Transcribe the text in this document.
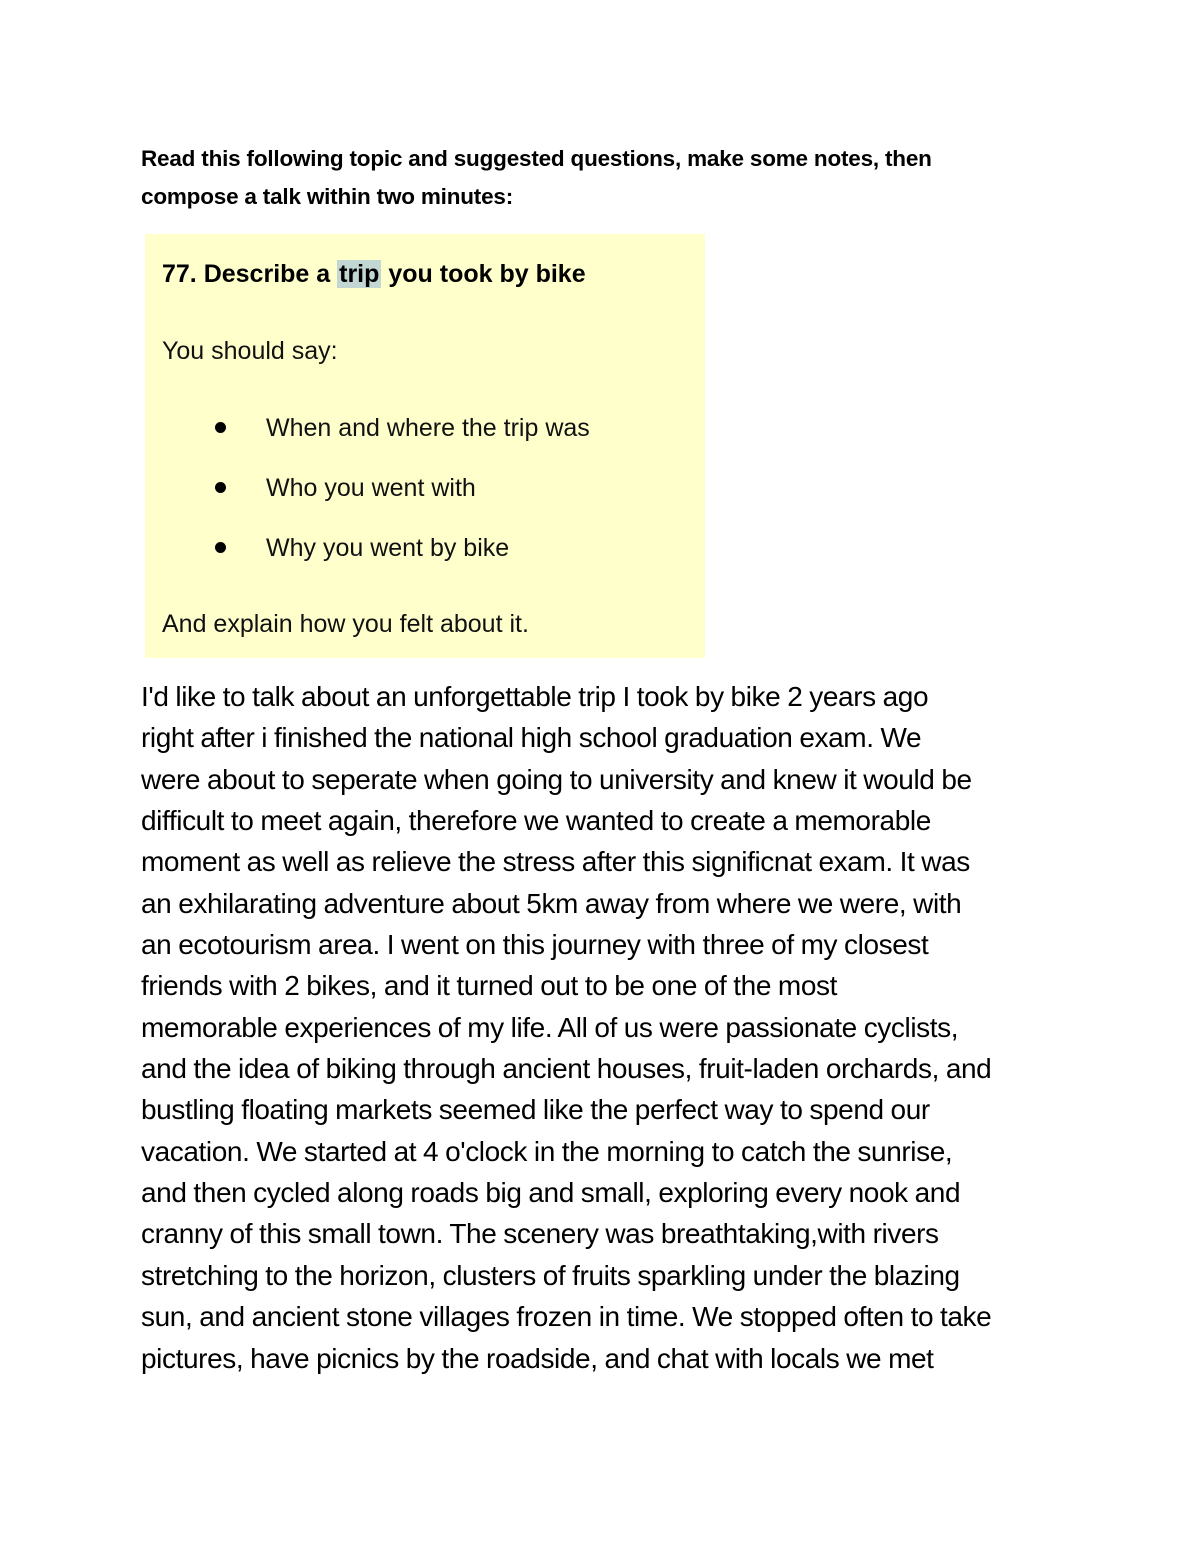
Read this following topic and suggested questions, make some notes, then
compose a talk within two minutes:
77. Describe a trip you took by bike
You should say:
When and where the trip was
Who you went with
Why you went by bike
And explain how you felt about it.
I'd like to talk about an unforgettable trip I took by bike 2 years ago
right after i finished the national high school graduation exam. We
were about to seperate when going to university and knew it would be
difficult to meet again, therefore we wanted to create a memorable
moment as well as relieve the stress after this significnat exam. It was
an exhilarating adventure about 5km away from where we were, with
an ecotourism area. I went on this journey with three of my closest
friends with 2 bikes, and it turned out to be one of the most
memorable experiences of my life. All of us were passionate cyclists,
and the idea of biking through ancient houses, fruit-laden orchards, and
bustling floating markets seemed like the perfect way to spend our
vacation. We started at 4 o'clock in the morning to catch the sunrise,
and then cycled along roads big and small, exploring every nook and
cranny of this small town. The scenery was breathtaking,with rivers
stretching to the horizon, clusters of fruits sparkling under the blazing
sun, and ancient stone villages frozen in time. We stopped often to take
pictures, have picnics by the roadside, and chat with locals we met
